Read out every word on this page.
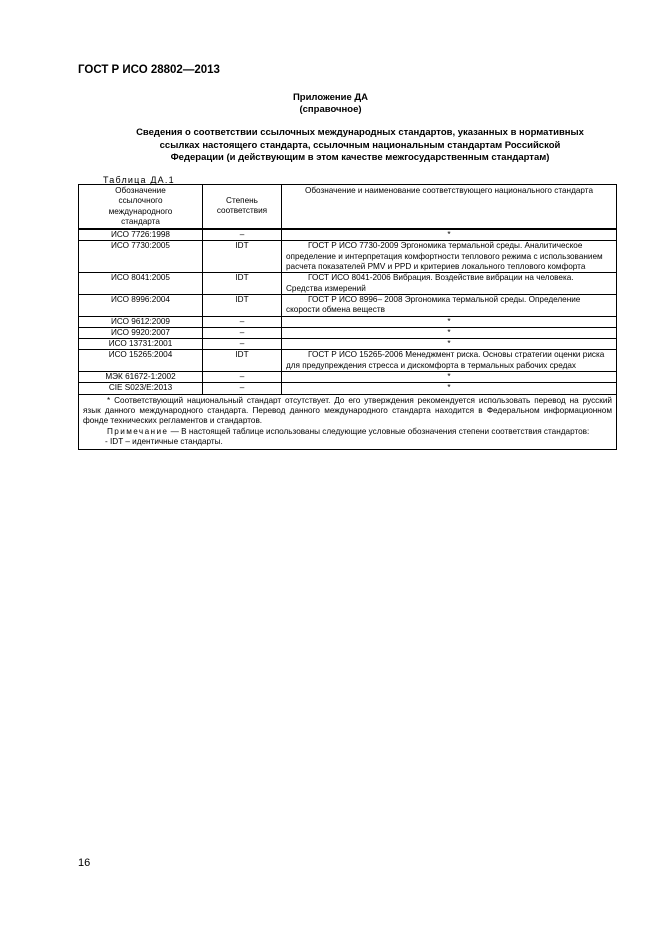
ГОСТ Р ИСО 28802—2013
Приложение ДА
(справочное)
Сведения о соответствии ссылочных международных стандартов, указанных в нормативных
ссылках настоящего стандарта, ссылочным национальным стандартам Российской
Федерации (и действующим в этом качестве межгосударственным стандартам)
Таблица ДА.1
Обозначение ссылочного международного стандарта	Степень соответствия	Обозначение и наименование соответствующего национального стандарта
ИСО 7726:1998	–	*
ИСО 7730:2005	IDT	ГОСТ Р ИСО 7730-2009 Эргономика термальной среды. Аналитическое определение и интерпретация комфортности теплового режима с использованием расчета показателей PMV и PPD и критериев локального теплового комфорта

ИСО 8041:2005	IDT	ГОСТ ИСО 8041-2006 Вибрация. Воздействие вибрации на человека. Средства измерений

ИСО 8996:2004	IDT	ГОСТ Р ИСО 8996– 2008 Эргономика термальной среды. Определение скорости обмена веществ

ИСО 9612:2009	–	*
ИСО 9920:2007	–	*
ИСО 13731:2001	–	*
ИСО 15265:2004	IDT	ГОСТ Р ИСО 15265-2006 Менеджмент риска. Основы стратегии оценки риска для предупреждения стресса и дискомфорта в термальных рабочих средах

МЭК 61672-1:2002	–	*
CIE S023/E:2013	–	*

* Соответствующий национальный стандарт отсутствует. До его утверждения рекомендуется использовать перевод на русский язык данного международного стандарта. Перевод данного международного стандарта находится в Федеральном информационном фонде технических регламентов и стандартов.
Примечание — В настоящей таблице использованы следующие условные обозначения степени соответствия стандартов:
- IDT – идентичные стандарты.		
16
